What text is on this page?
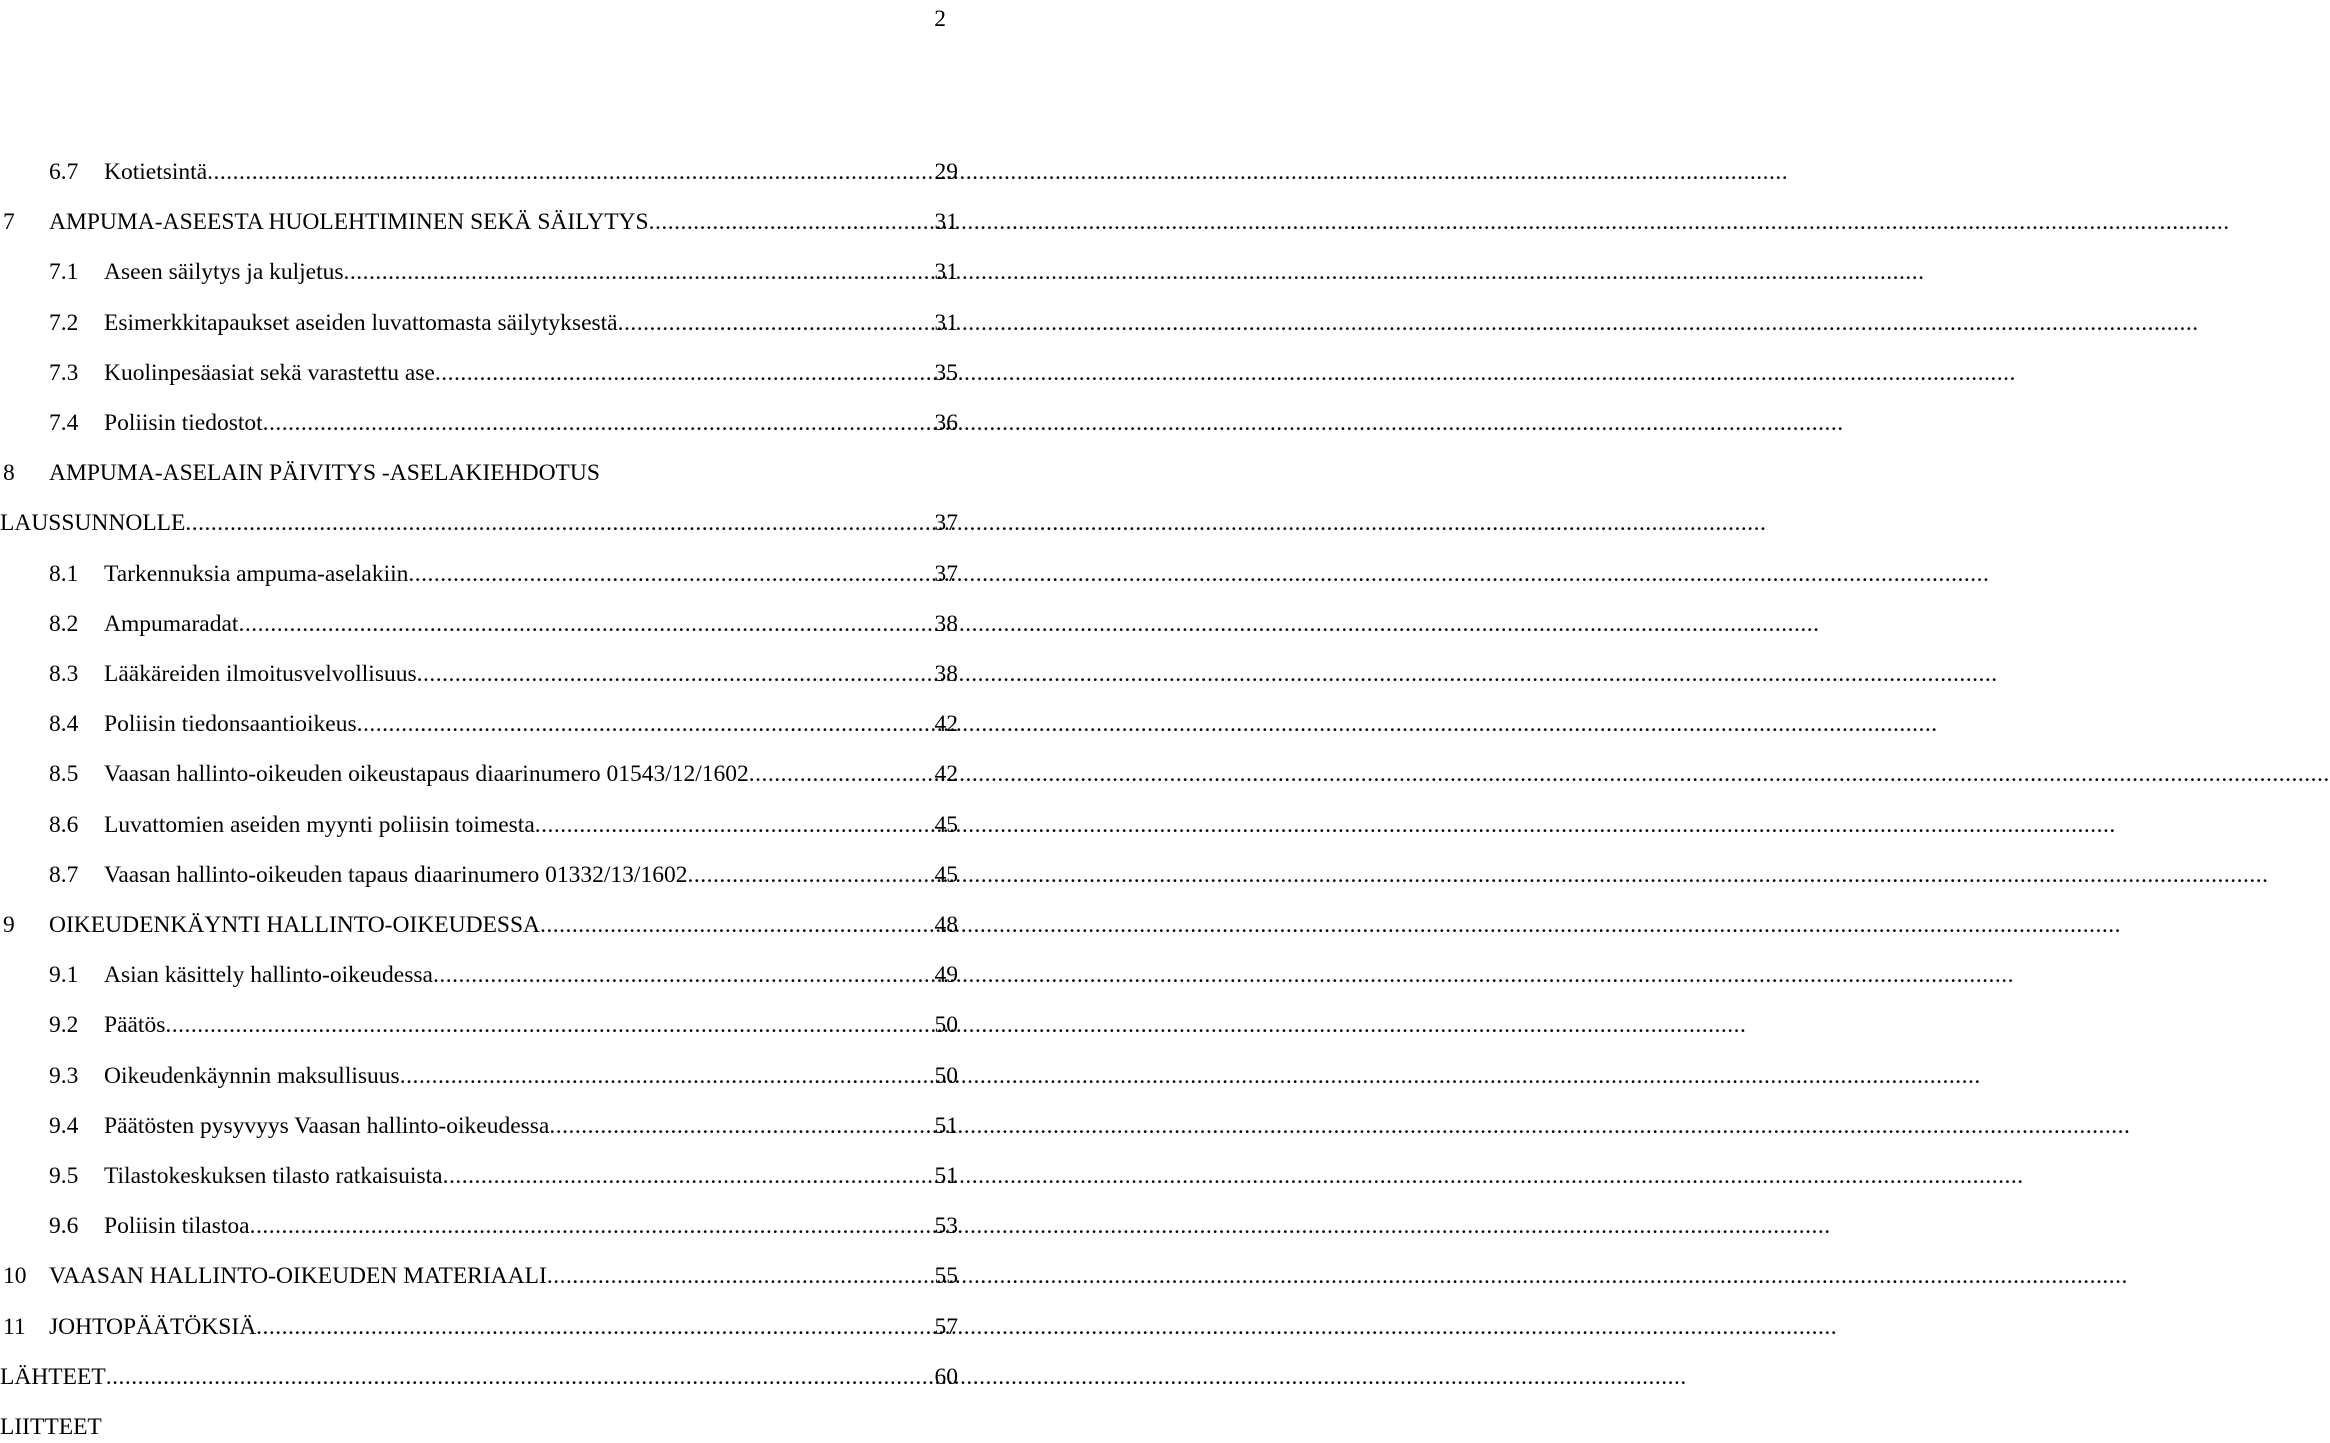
2
6.7	Kotietsintä .....	29
7	AMPUMA-ASEESTA HUOLEHTIMINEN SEKÄ SÄILYTYS .....	31
7.1	Aseen säilytys ja kuljetus .....	31
7.2	Esimerkkitapaukset aseiden luvattomasta säilytyksestä .....	31
7.3	Kuolinpesäasiat sekä varastettu ase .....	35
7.4	Poliisin tiedostot .....	36
8	AMPUMA-ASELAIN PÄIVITYS -ASELAKIEHDOTUS
LAUSSUNNOLLE .....	37
8.1	Tarkennuksia ampuma-aselakiin .....	37
8.2	Ampumaradat .....	38
8.3	Lääkäreiden ilmoitusvelvollisuus .....	38
8.4	Poliisin tiedonsaantioikeus .....	42
8.5	Vaasan hallinto-oikeuden oikeustapaus diaarinumero 01543/12/1602 .....	42
8.6	Luvattomien aseiden myynti poliisin toimesta .....	45
8.7	Vaasan hallinto-oikeuden tapaus diaarinumero 01332/13/1602 .....	45
9	OIKEUDENKÄYNTI HALLINTO-OIKEUDESSA .....	48
9.1	Asian käsittely hallinto-oikeudessa .....	49
9.2	Päätös .....	50
9.3	Oikeudenkäynnin maksullisuus .....	50
9.4	Päätösten pysyvyys Vaasan hallinto-oikeudessa .....	51
9.5	Tilastokeskuksen tilasto ratkaisuista .....	51
9.6	Poliisin tilastoa .....	53
10 VAASAN HALLINTO-OIKEUDEN MATERIAALI .....	55
11 JOHTOPÄÄTÖKSIÄ .....	57
LÄHTEET .....	60
LIITTEET
